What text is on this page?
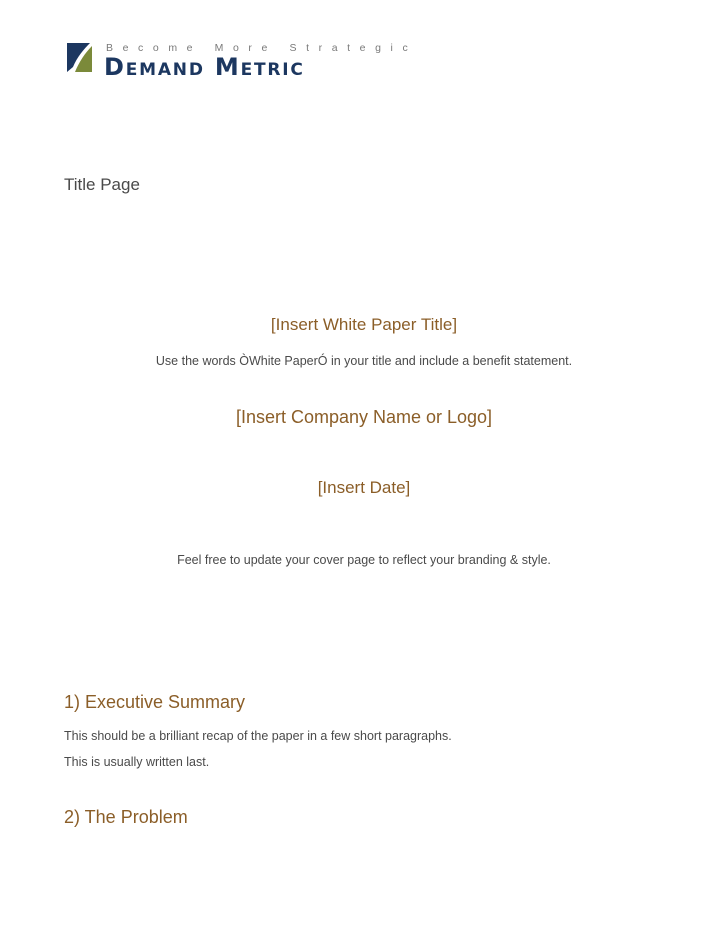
Become More Strategic
Demand Metric
Title Page
[Insert White Paper Title]
Use the words ÒWhite PaperÓ in your title and include a benefit statement.
[Insert Company Name or Logo]
[Insert Date]
Feel free to update your cover page to reflect your branding & style.
1) Executive Summary
This should be a brilliant recap of the paper in a few short paragraphs.
This is usually written last.
2) The Problem
